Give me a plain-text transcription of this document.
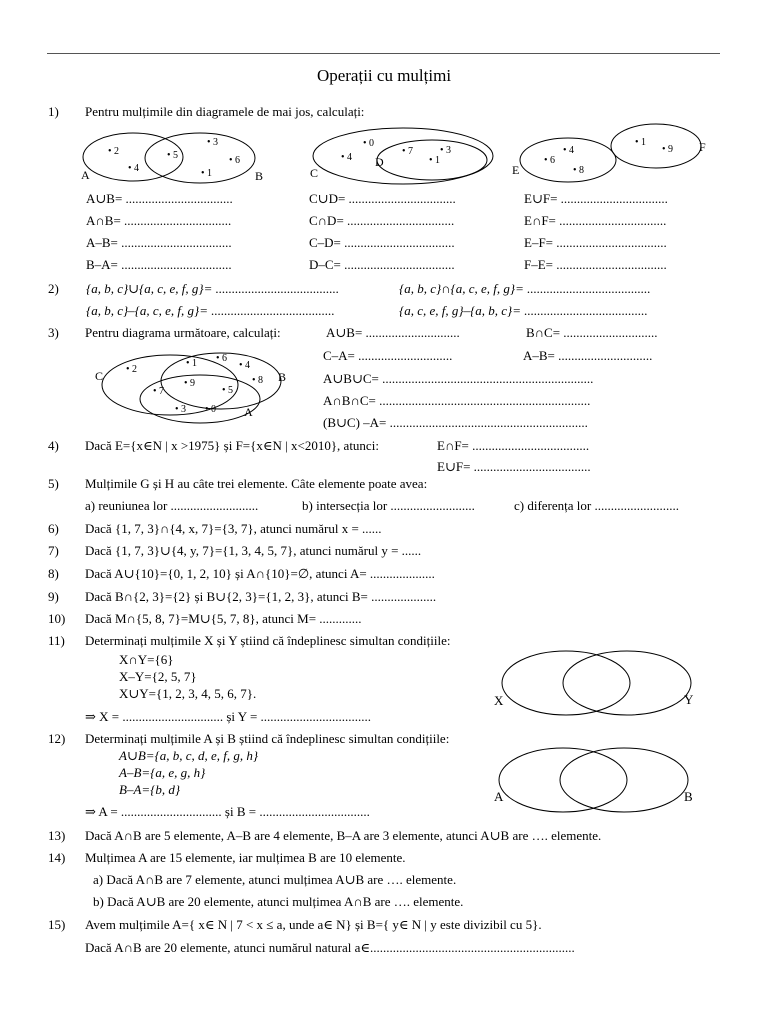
Operații cu mulțimi
1) Pentru mulțimile din diagramele de mai jos, calculați:
• 2
• 4
• 5
• 3
• 6
• 1
• 0
• 4
• 7	• 3
• 1
• 4
• 6
• 8
• 1
• 9
• 2
• 1 • 6
• 4
• 8
• 9
• 7	• 5
• 3 • 0
A	B	C
D
E
F
C	B
A
X	Y
A	B
A∪B= .................................
A∩B= .................................
A–B= ..................................
B–A= ..................................
C∪D= .................................
C∩D= .................................
C–D= ..................................
D–C= ..................................
E∪F= .................................
E∩F= .................................
E–F= ..................................
F–E= ..................................
2) {a, b, c}∪{a, c, e, f, g}= ......................................	{a, b, c}∩{a, c, e, f, g}= ......................................
{a, b, c}–{a, c, e, f, g}= ......................................	{a, c, e, f, g}–{a, b, c}= ......................................
3) Pentru diagrama următoare, calculați:	A∪B= .............................	B∩C= .............................
C–A= .............................	A–B= .............................
A∪B∪C= .................................................................
A∩B∩C= .................................................................
(B∪C) –A= .............................................................
4) Dacă E={x∈N | x >1975} și F={x∈N | x<2010}, atunci:	E∩F= ....................................
E∪F= ....................................
5) Mulțimile G și H au câte trei elemente. Câte elemente poate avea:
a) reuniunea lor ...........................	b) intersecția lor ..........................	c) diferența lor ..........................
6) Dacă {1, 7, 3}∩{4, x, 7}={3, 7}, atunci numărul x = ......
7) Dacă {1, 7, 3}∪{4, y, 7}={1, 3, 4, 5, 7}, atunci numărul y = ......
8) Dacă A∪{10}={0, 1, 2, 10} și A∩{10}=∅, atunci A= ....................
9) Dacă B∩{2, 3}={2} și B∪{2, 3}={1, 2, 3}, atunci B= ....................
10) Dacă M∩{5, 8, 7}=M∪{5, 7, 8}, atunci M= .............
11) Determinați mulțimile X și Y știind că îndeplinesc simultan condițiile:
X∩Y={6}
X–Y={2, 5, 7}
X∪Y={1, 2, 3, 4, 5, 6, 7}.
⇒ X = ............................... și Y = ..................................
12) Determinați mulțimile A și B știind că îndeplinesc simultan condițiile:
A∪B={a, b, c, d, e, f, g, h}
A–B={a, e, g, h}
B–A={b, d}
⇒ A = ............................... și B = ..................................
13) Dacă A∩B are 5 elemente, A–B are 4 elemente, B–A are 3 elemente, atunci A∪B are …. elemente.
14) Mulțimea A are 15 elemente, iar mulțimea B are 10 elemente.
a) Dacă A∩B are 7 elemente, atunci mulțimea A∪B are …. elemente.
b) Dacă A∪B are 20 elemente, atunci mulțimea A∩B are …. elemente.
15) Avem mulțimile A={ x∈ N | 7 < x ≤ a, unde a∈ N} și B={ y∈ N | y este divizibil cu 5}.
Dacă A∩B are 20 elemente, atunci numărul natural a∈...............................................................
